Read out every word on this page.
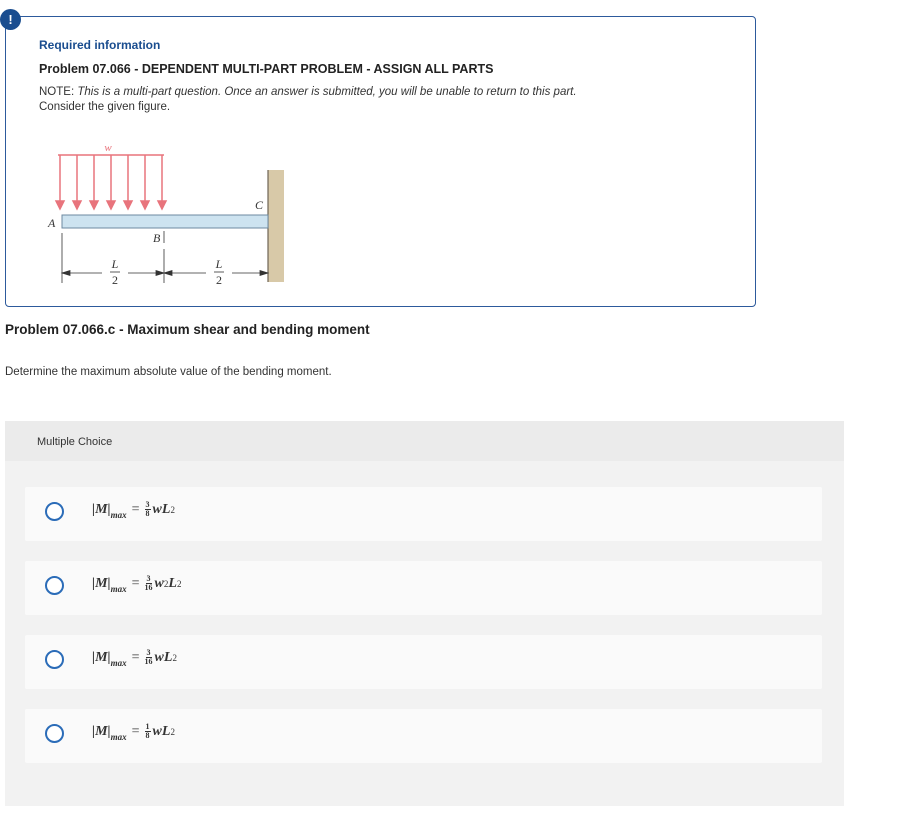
!
Required information
Problem 07.066 - DEPENDENT MULTI-PART PROBLEM - ASSIGN ALL PARTS
NOTE: This is a multi-part question. Once an answer is submitted, you will be unable to return to this part.
Consider the given figure.
w
A
C
B
L
2
L
2
Problem 07.066.c - Maximum shear and bending moment
Determine the maximum absolute value of the bending moment.
Multiple Choice
|M| $\max = \frac{3}{8}$ w L 2
|M| $\max = \frac{3}{16}$ w 2 L 2
|M| $\max = \frac{3}{16}$ w L 2
|M| $\max = \frac{1}{8}$ w L 2
